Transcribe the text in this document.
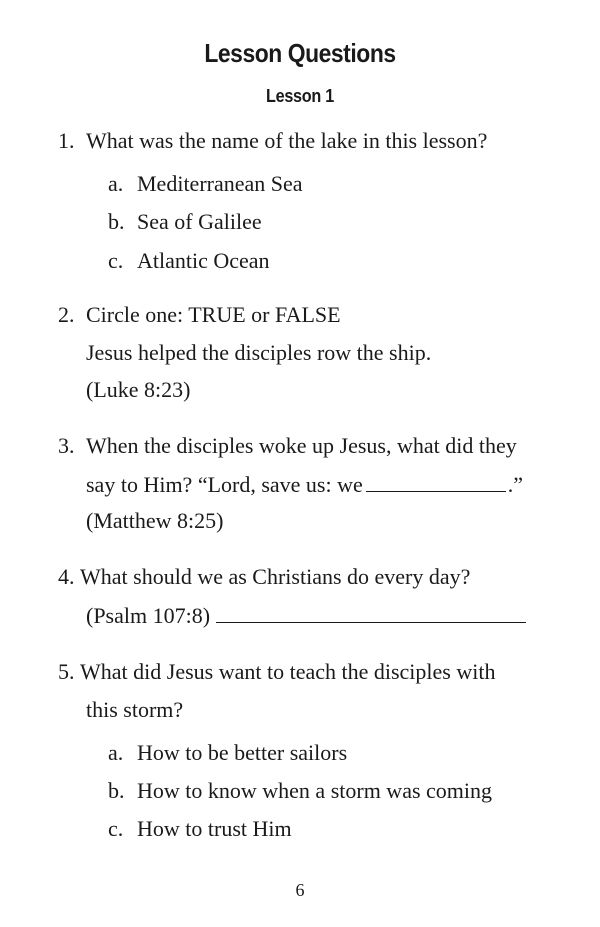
Lesson Questions
Lesson 1
1. What was the name of the lake in this lesson?
a. Mediterranean Sea
b. Sea of Galilee
c. Atlantic Ocean
2. Circle one: TRUE or FALSE
Jesus helped the disciples row the ship.
(Luke 8:23)
3. When the disciples woke up Jesus, what did they
say to Him? “Lord, save us: we	.”
(Matthew 8:25)
4. What should we as Christians do every day?
(Psalm 107:8)
5. What did Jesus want to teach the disciples with
this storm?
a. How to be better sailors
b. How to know when a storm was coming
c. How to trust Him
6
